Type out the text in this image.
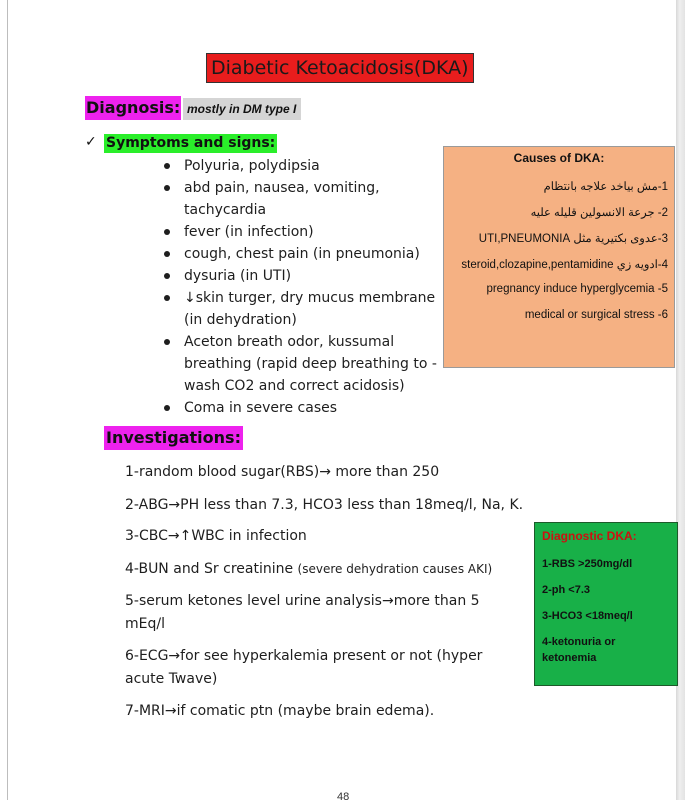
Diabetic Ketoacidosis(DKA)
Diagnosis: mostly in DM type I
✓ Symptoms and signs:
Polyuria, polydipsia
abd pain, nausea, vomiting, tachycardia
fever (in infection)
cough, chest pain (in pneumonia)
dysuria (in UTI)
↓skin turger, dry mucus membrane (in dehydration)
Aceton breath odor, kussumal breathing (rapid deep breathing to -wash CO2 and correct acidosis)
Coma in severe cases
Causes of DKA:
1-مش بياخد علاجه بانتظام
2- جرعة الانسولين قليله عليه
3-عدوى بكتيرية مثل UTI,PNEUMONIA
4-ادويه زي steroid,clozapine,pentamidine
pregnancy induce hyperglycemia -5
medical or surgical stress -6
Investigations:
1-random blood sugar(RBS)→ more than 250
2-ABG→PH less than 7.3, HCO3 less than 18meq/l, Na, K.
3-CBC→↑WBC in infection
4-BUN and Sr creatinine (severe dehydration causes AKI)
5-serum ketones level urine analysis→more than 5 mEq/l
6-ECG→for see hyperkalemia present or not (hyper acute Twave)
7-MRI→if comatic ptn (maybe brain edema).
Diagnostic DKA:
1-RBS >250mg/dl
2-ph <7.3
3-HCO3 <18meq/l
4-ketonuria or ketonemia
48
